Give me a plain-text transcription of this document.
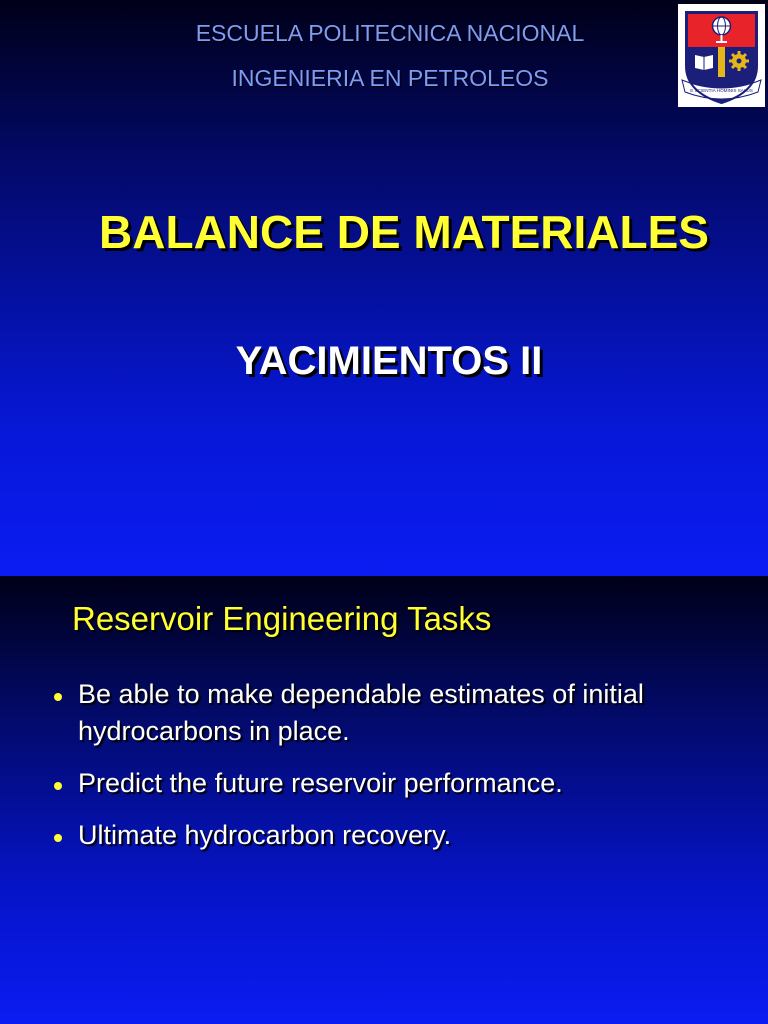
ESCUELA POLITECNICA NACIONAL

INGENIERIA EN PETROLEOS	E SCIENTIA HOMINIS SALUS
BALANCE DE MATERIALES
YACIMIENTOS II
Reservoir Engineering Tasks
Be able to make dependable estimates of initial hydrocarbons in place.
Predict the future reservoir performance.
Ultimate hydrocarbon recovery.
